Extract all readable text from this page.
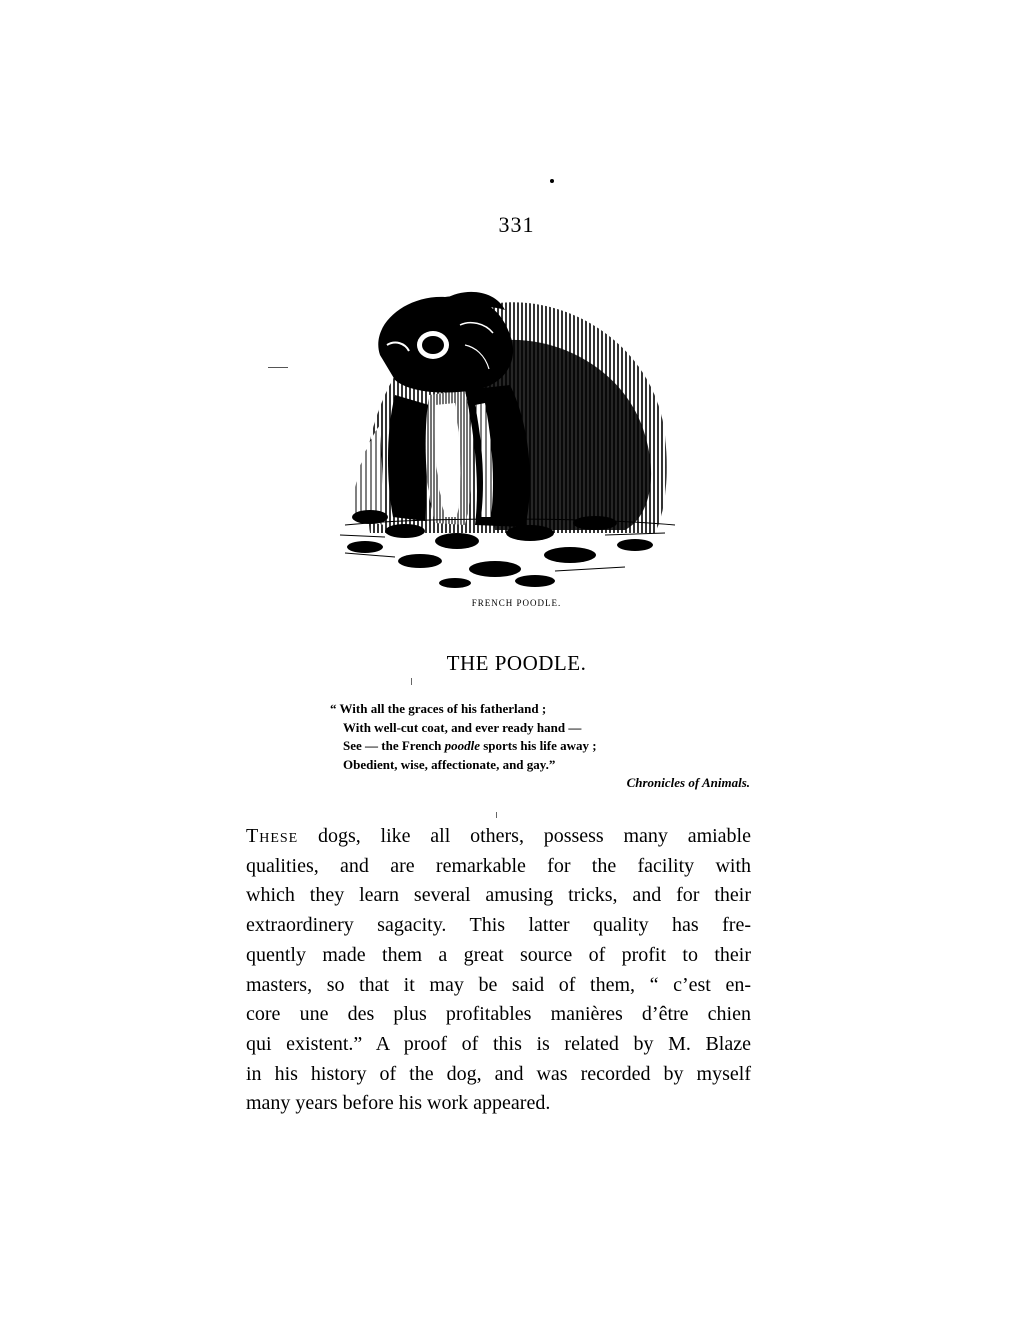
331
FRENCH POODLE.
THE POODLE.
“ With all the graces of his fatherland ;
With well-cut coat, and ever ready hand —
See — the French poodle sports his life away ;
Obedient, wise, affectionate, and gay.”
Chronicles of Animals.
These dogs, like all others, possess many amiable
qualities, and are remarkable for the facility with
which they learn several amusing tricks, and for their
extraordinery sagacity. This latter quality has fre-
quently made them a great source of profit to their
masters, so that it may be said of them, “ c’est en-
core une des plus profitables manières d’être chien
qui existent.” A proof of this is related by M. Blaze
in his history of the dog, and was recorded by myself
many years before his work appeared.
